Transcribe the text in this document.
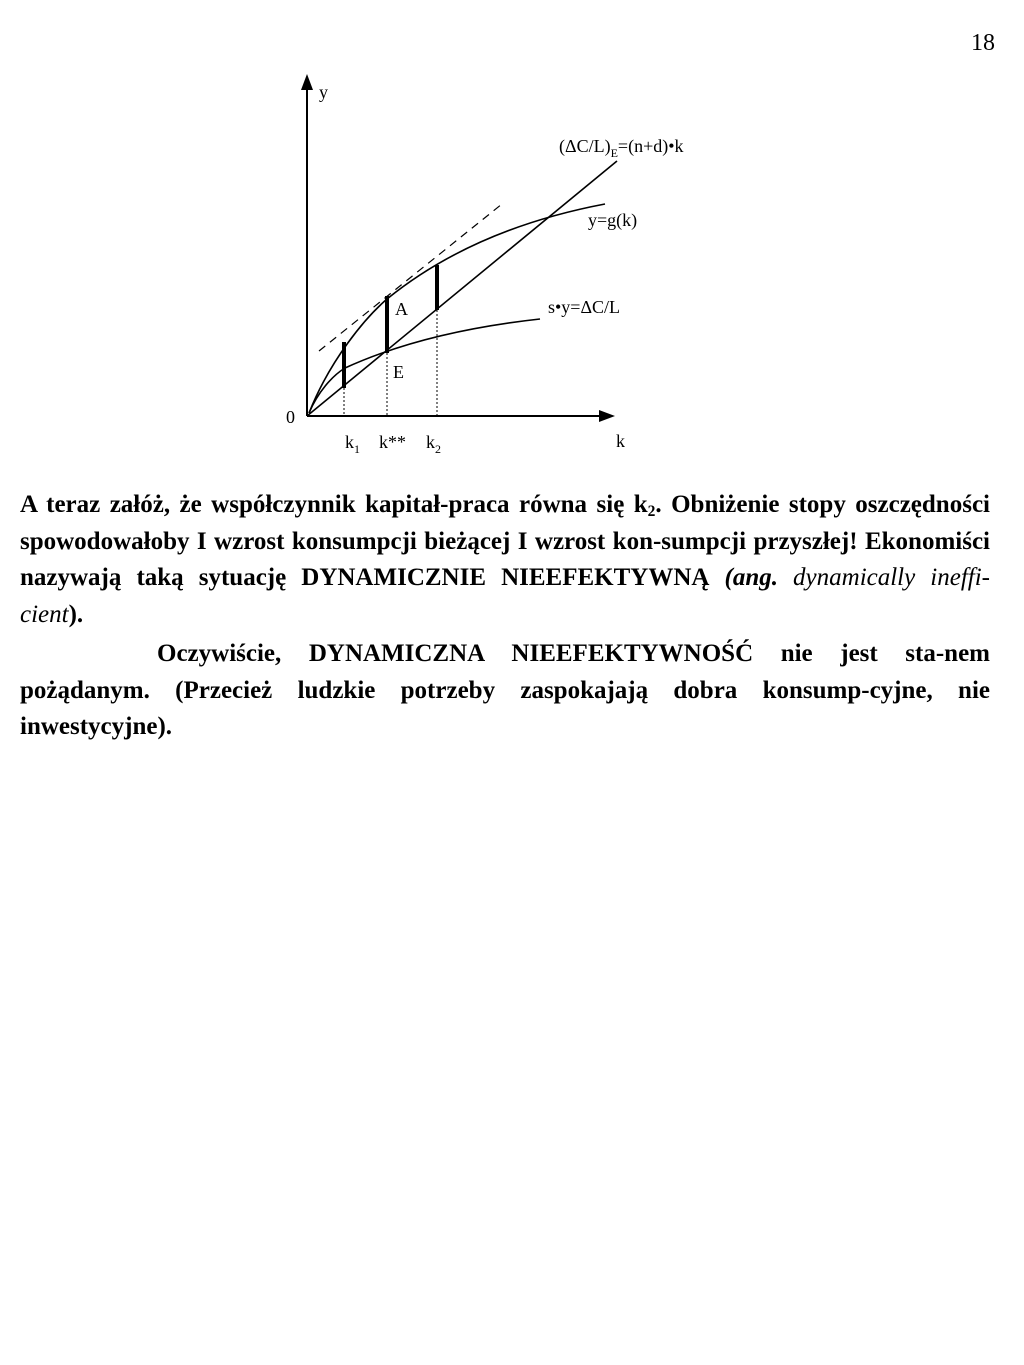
18
y
k
0
$(\Delta C/L)_E=(n+d)•k$
y=g(k)
s•y=ΔC/L
A
E
$k_1$ k** $k_2$

A teraz załóż, że współczynnik kapitał-praca równa się $k_2$. Obniżenie stopy oszczędności spowodowałoby I wzrost konsumpcji bieżącej I wzrost kon-sumpcji przyszłej! Ekonomiści nazywają taką sytuację DYNAMICZNIE NIEEFEKTYWNĄ (ang. dynamically ineffi-cient).

Oczywiście, DYNAMICZNA NIEEFEKTYWNOŚĆ nie jest sta-nem pożądanym. (Przecież ludzkie potrzeby zaspokajają dobra konsump-cyjne, nie inwestycyjne).
